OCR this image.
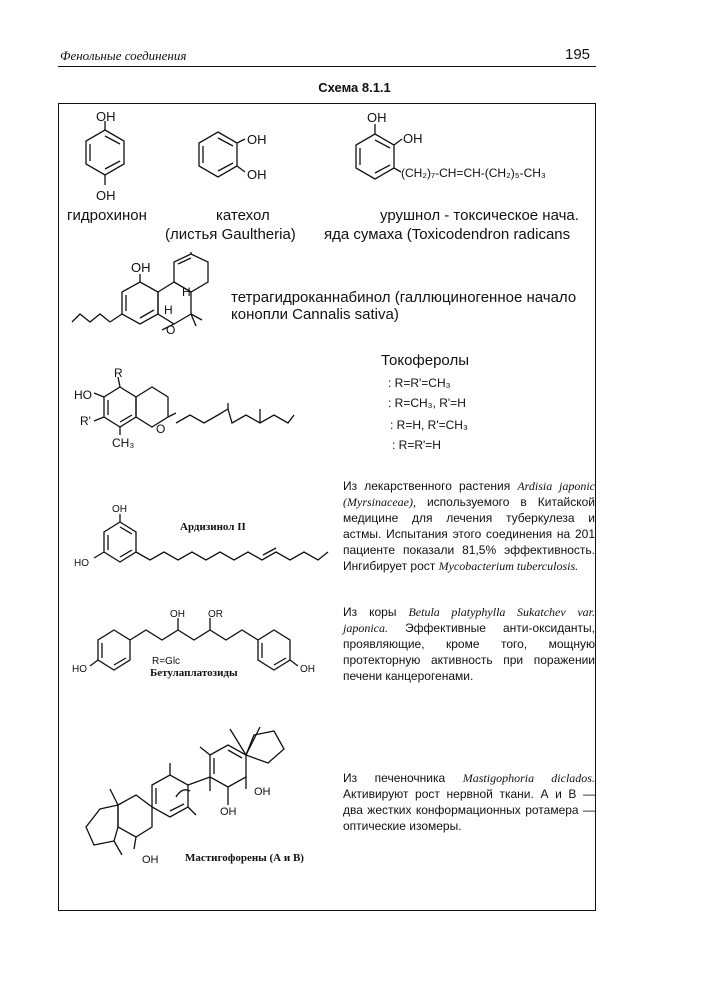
Фенольные соединения	195
Схема 8.1.1
OH
OH
гидрохинон
OH
OH
катехол
(листья Gaultheria)
OH
OH
(CH₂)₇-CH=CH-(CH₂)₅-CH₃
урушнол - токсическое нача.
яда сумаха (Toxicodendron radicans
OH
H
H
O
тетрагидроканнабинол (галлюциногенное начало
конопли Cannalis sativa)
Токоферолы
: R=R'=CH₃
: R=CH₃, R'=H
: R=H, R'=CH₃
: R=R'=H
R
HO
R'
CH₃
O
OH
HO
Ардизинол II
Из лекарственного растения Ardisia japonic (Myrsinaceae), используемого в Китайской медицине для лечения туберкулеза и астмы. Испытания этого соединения на 201 пациенте показали 81,5% эффективность. Ингибирует рост Mycobacterium tuberculosis.
OH OR
HO	OH
R=Glc
Бетулаплатозиды
Из коры Betula platyphylla Sukatchev var. japonica. Эффективные анти-оксиданты, проявляющие, кроме того, мощную протекторную активность при поражении печени канцерогенами.
OH
OH
OH Мастигофорены (А и В)
Из печеночника Mastigophoria diclados. Активируют рост нервной ткани. А и В — два жестких конформационных ротамера — оптические изомеры.
